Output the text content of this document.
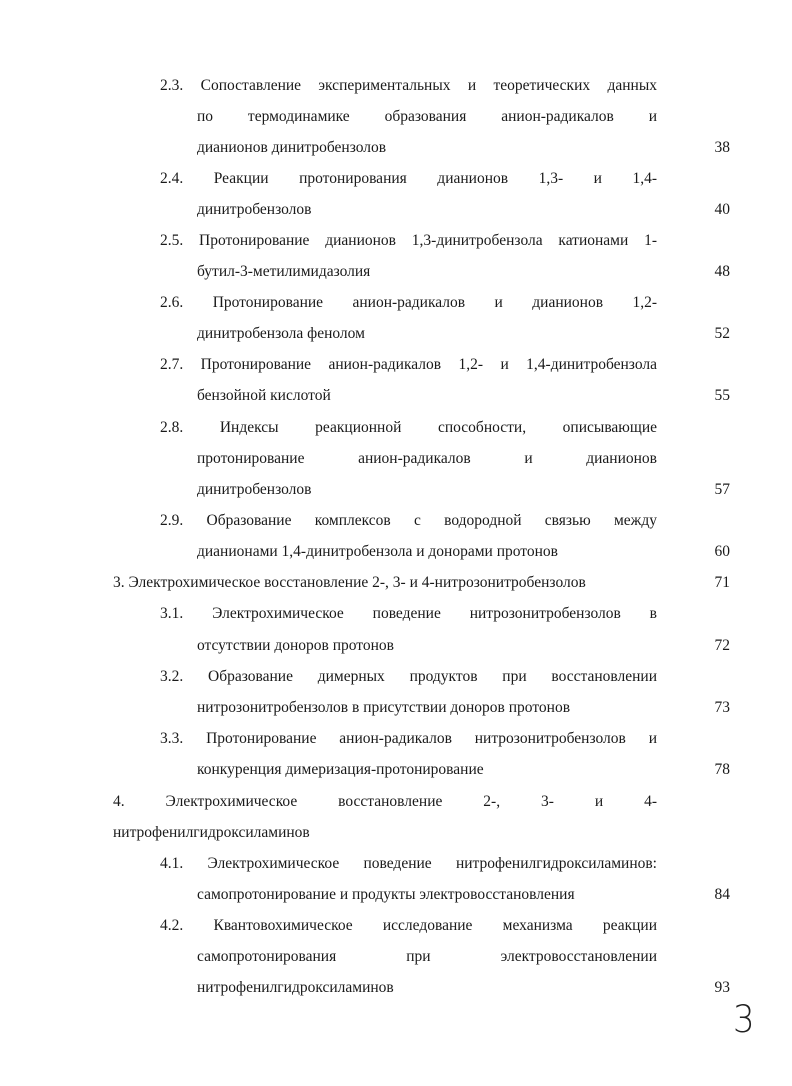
2.3. Сопоставление экспериментальных и теоретических данных
по термодинамике образования анион-радикалов и
дианионов динитробензолов	38
2.4. Реакции протонирования дианионов 1,3- и 1,4-
динитробензолов	40
2.5. Протонирование дианионов 1,3-динитробензола катионами 1-
бутил-3-метилимидазолия	48
2.6. Протонирование анион-радикалов и дианионов 1,2-
динитробензола фенолом	52
2.7. Протонирование анион-радикалов 1,2- и 1,4-динитробензола
бензойной кислотой	55
2.8. Индексы реакционной способности, описывающие
протонирование анион-радикалов и дианионов
динитробензолов	57
2.9. Образование комплексов с водородной связью между
дианионами 1,4-динитробензола и донорами протонов	60
3. Электрохимическое восстановление 2-, 3- и 4-нитрозонитробензолов	71
3.1. Электрохимическое поведение нитрозонитробензолов в
отсутствии доноров протонов	72
3.2. Образование димерных продуктов при восстановлении
нитрозонитробензолов в присутствии доноров протонов	73
3.3. Протонирование анион-радикалов нитрозонитробензолов и
конкуренция димеризация-протонирование	78
4. Электрохимическое восстановление 2-, 3- и 4-
нитрофенилгидроксиламинов
4.1. Электрохимическое поведение нитрофенилгидроксиламинов:
самопротонирование и продукты электровосстановления	84
4.2. Квантовохимическое исследование механизма реакции
самопротонирования при электровосстановлении
нитрофенилгидроксиламинов	93
3
